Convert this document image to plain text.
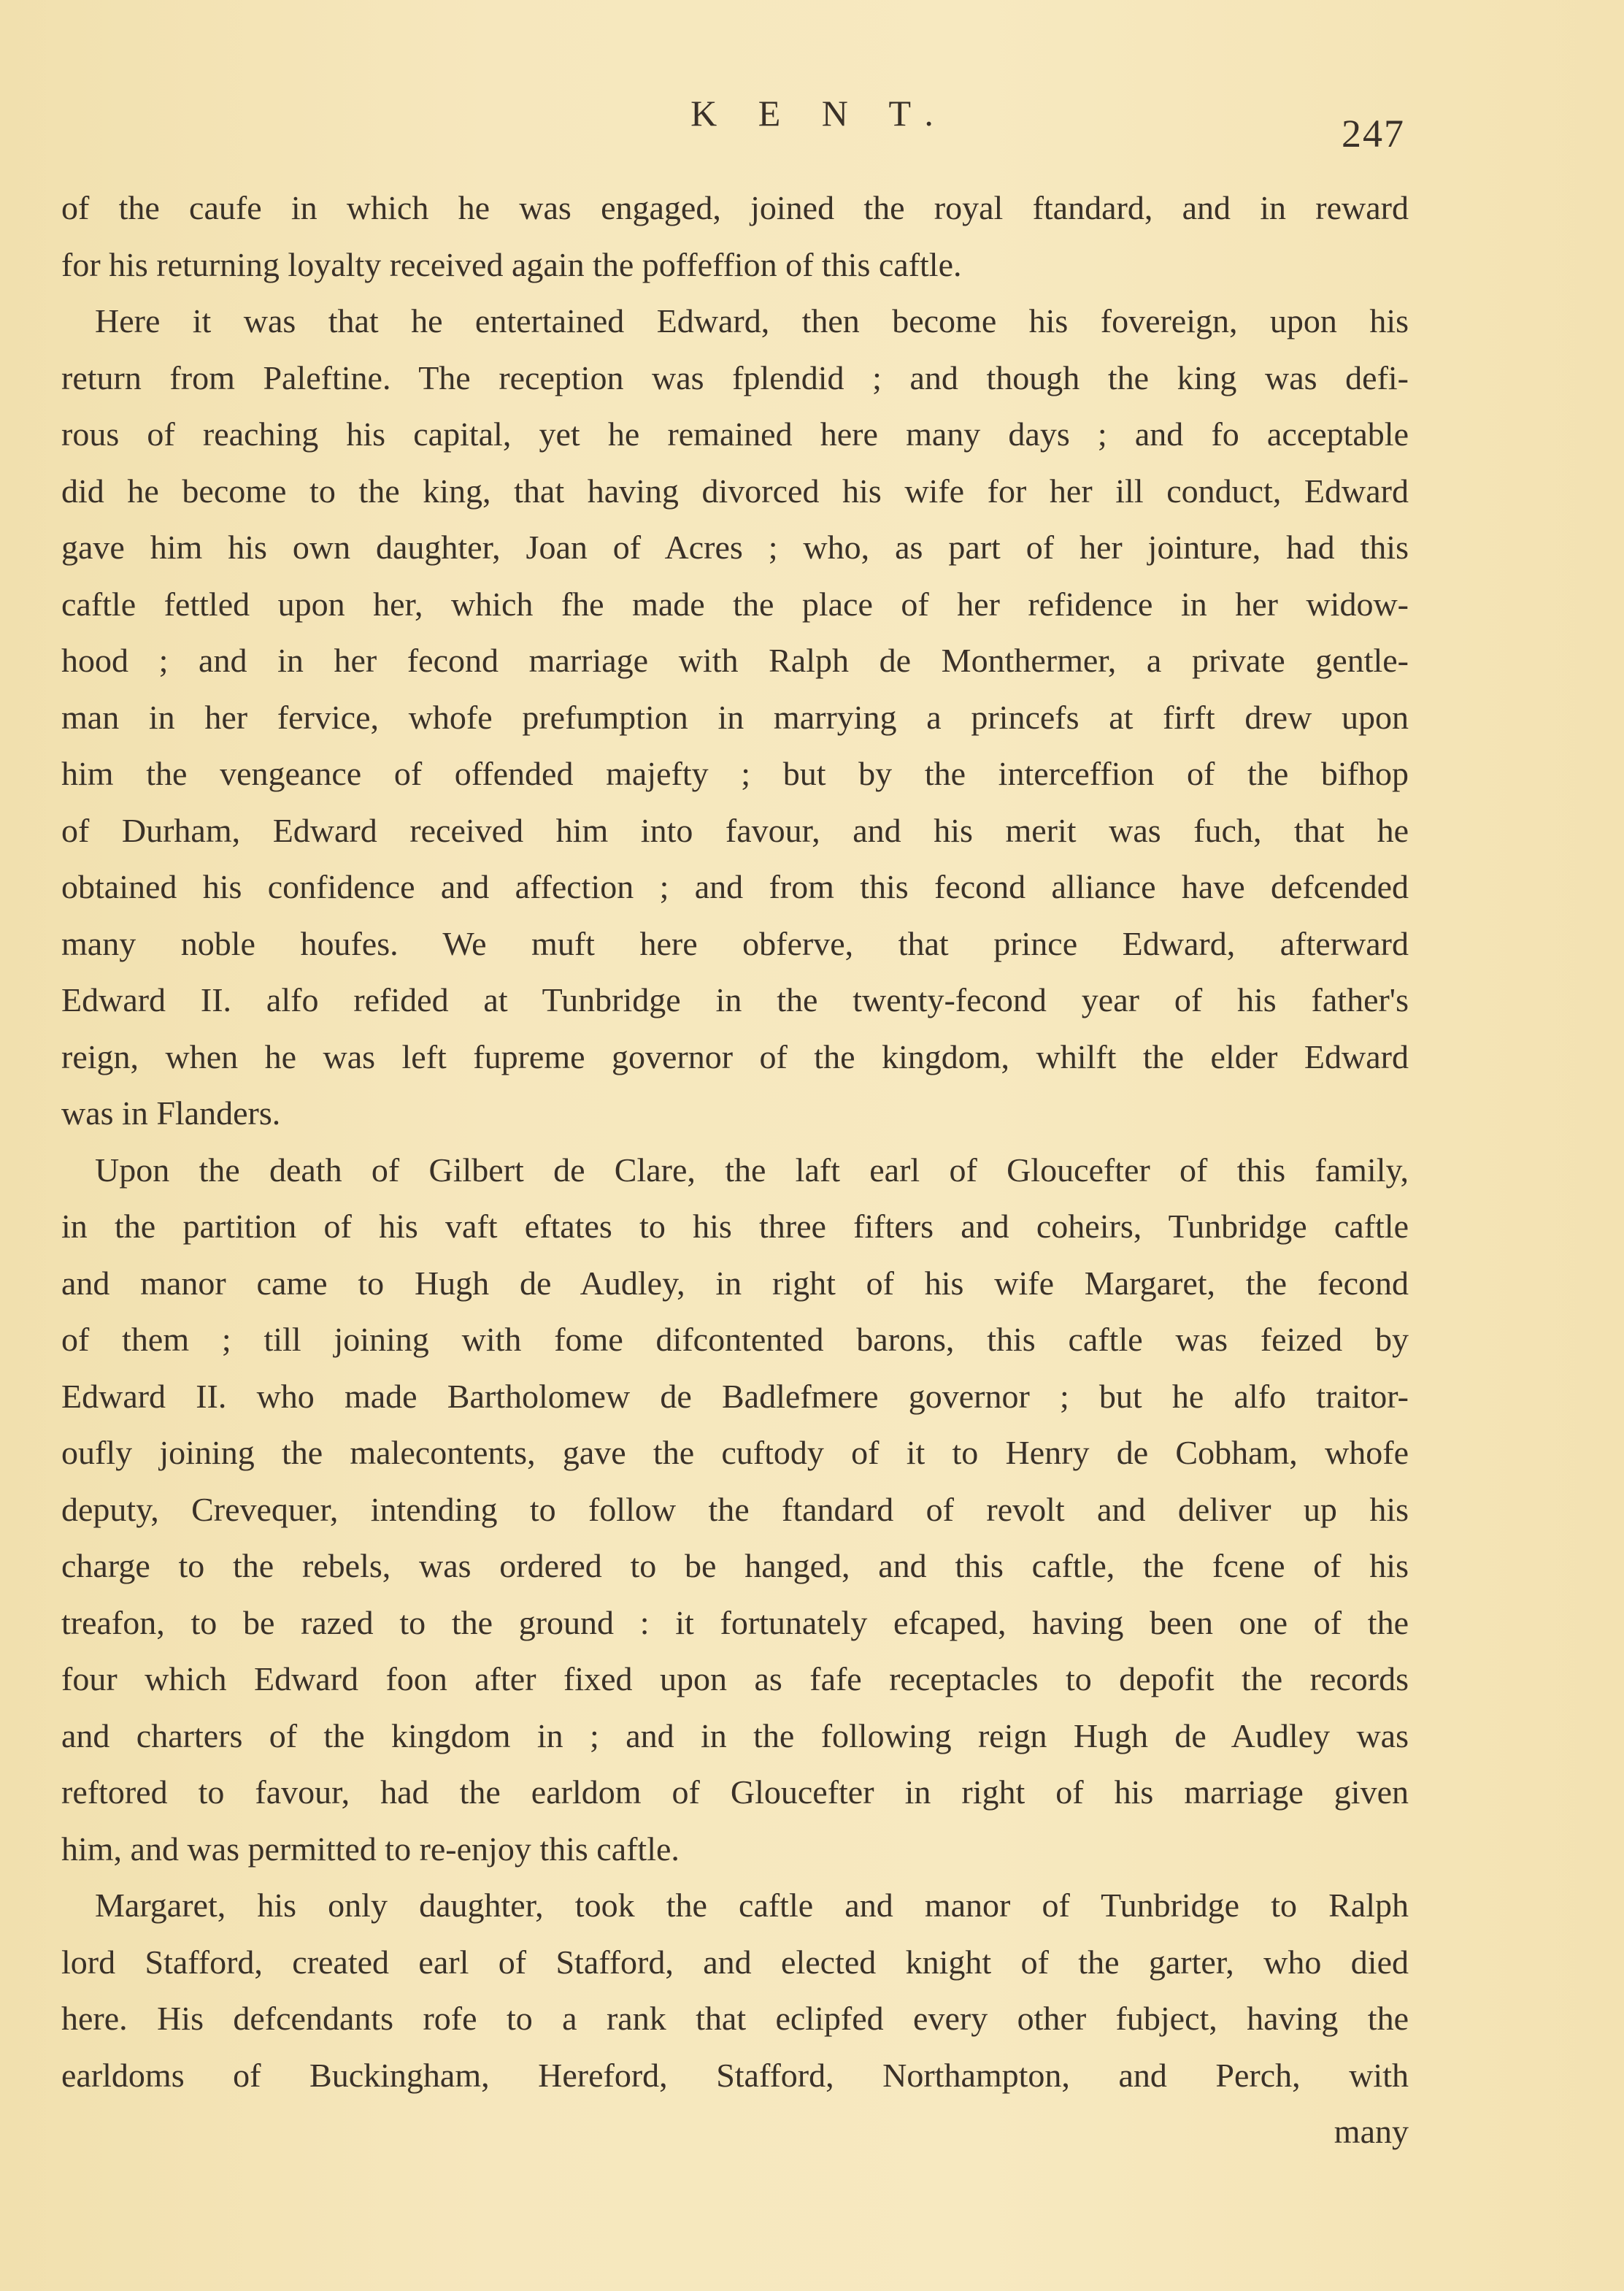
K E N T.	247
of the caufe in which he was engaged, joined the royal ftandard, and in reward
for his returning loyalty received again the poffeffion of this caftle.
Here it was that he entertained Edward, then become his fovereign, upon his
return from Paleftine. The reception was fplendid ; and though the king was defi-
rous of reaching his capital, yet he remained here many days ; and fo acceptable
did he become to the king, that having divorced his wife for her ill conduct, Edward
gave him his own daughter, Joan of Acres ; who, as part of her jointure, had this
caftle fettled upon her, which fhe made the place of her refidence in her widow-
hood ; and in her fecond marriage with Ralph de Monthermer, a private gentle-
man in her fervice, whofe prefumption in marrying a princefs at firft drew upon
him the vengeance of offended majefty ; but by the interceffion of the bifhop
of Durham, Edward received him into favour, and his merit was fuch, that he
obtained his confidence and affection ; and from this fecond alliance have defcended
many noble houfes. We muft here obferve, that prince Edward, afterward
Edward II. alfo refided at Tunbridge in the twenty-fecond year of his father's
reign, when he was left fupreme governor of the kingdom, whilft the elder Edward
was in Flanders.
Upon the death of Gilbert de Clare, the laft earl of Gloucefter of this family,
in the partition of his vaft eftates to his three fifters and coheirs, Tunbridge caftle
and manor came to Hugh de Audley, in right of his wife Margaret, the fecond
of them ; till joining with fome difcontented barons, this caftle was feized by
Edward II. who made Bartholomew de Badlefmere governor ; but he alfo traitor-
oufly joining the malecontents, gave the cuftody of it to Henry de Cobham, whofe
deputy, Crevequer, intending to follow the ftandard of revolt and deliver up his
charge to the rebels, was ordered to be hanged, and this caftle, the fcene of his
treafon, to be razed to the ground : it fortunately efcaped, having been one of the
four which Edward foon after fixed upon as fafe receptacles to depofit the records
and charters of the kingdom in ; and in the following reign Hugh de Audley was
reftored to favour, had the earldom of Gloucefter in right of his marriage given
him, and was permitted to re-enjoy this caftle.
Margaret, his only daughter, took the caftle and manor of Tunbridge to Ralph
lord Stafford, created earl of Stafford, and elected knight of the garter, who died
here. His defcendants rofe to a rank that eclipfed every other fubject, having the
earldoms of Buckingham, Hereford, Stafford, Northampton, and Perch, with
many
